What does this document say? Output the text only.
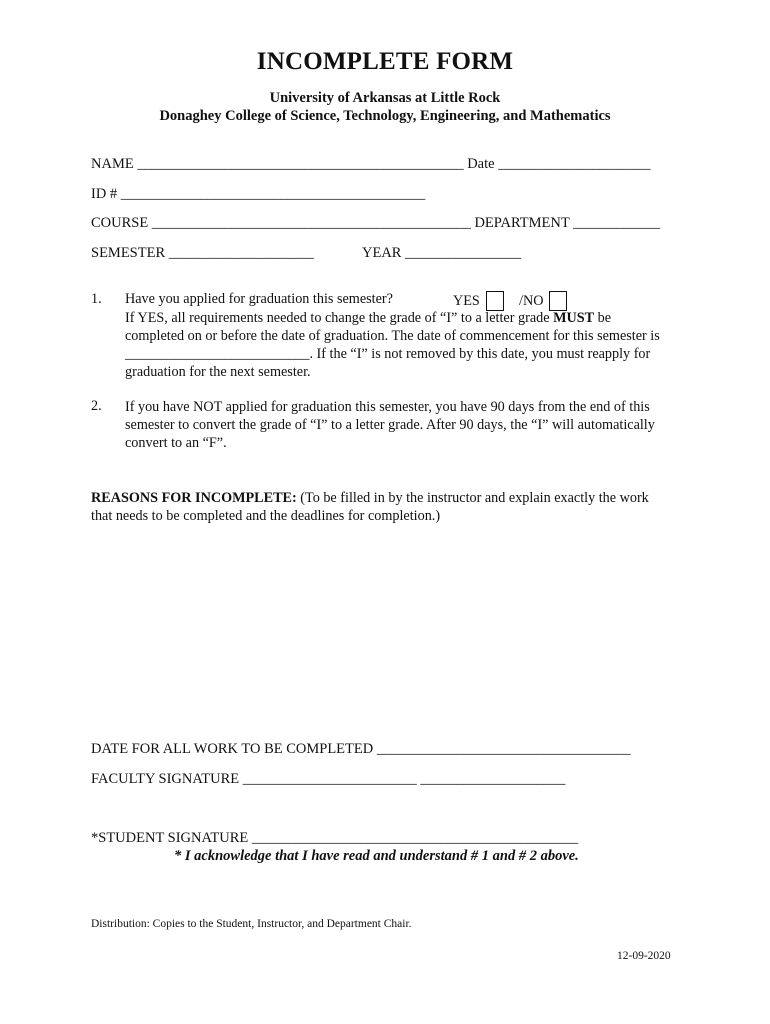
INCOMPLETE FORM
University of Arkansas at Little Rock
Donaghey College of Science, Technology, Engineering, and Mathematics
NAME _____________________________________________ Date _____________________
ID # __________________________________________
COURSE ____________________________________________ DEPARTMENT ____________
SEMESTER ____________________	YEAR ________________
1. Have you applied for graduation this semester?	YES	/NO
If YES, all requirements needed to change the grade of “I” to a letter grade MUST be completed on or before the date of graduation. The date of commencement for this semester is __________________________. If the “I” is not removed by this date, you must reapply for graduation for the next semester.
2. If you have NOT applied for graduation this semester, you have 90 days from the end of this semester to convert the grade of “I” to a letter grade. After 90 days, the “I” will automatically convert to an “F”.
REASONS FOR INCOMPLETE: (To be filled in by the instructor and explain exactly the work that needs to be completed and the deadlines for completion.)
DATE FOR ALL WORK TO BE COMPLETED ___________________________________
FACULTY SIGNATURE ________________________ ____________________
*STUDENT SIGNATURE _____________________________________________
* I acknowledge that I have read and understand # 1 and # 2 above.
Distribution: Copies to the Student, Instructor, and Department Chair.
12-09-2020
